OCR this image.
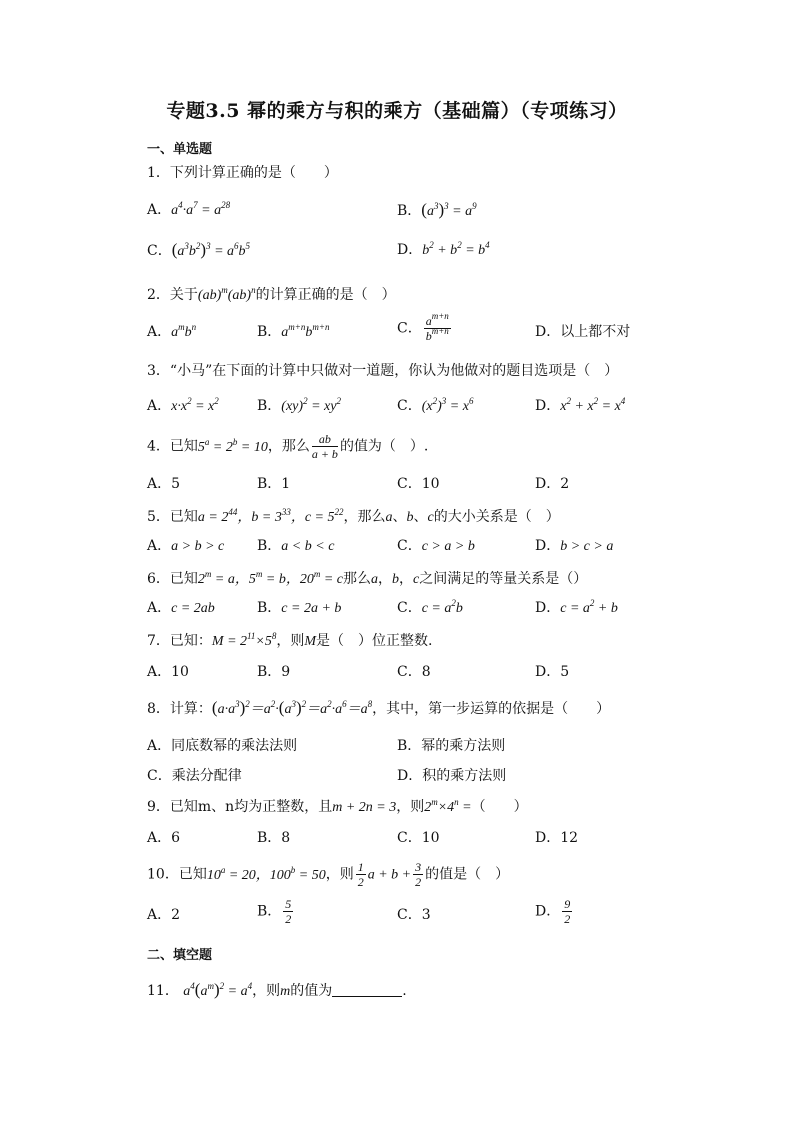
专题3.5 幂的乘方与积的乘方（基础篇）（专项练习）
一、单选题
1．下列计算正确的是（　　）
A．$a^4\cdot a^7 = a^{28}$	B．$(a^3)^3 = a^9$
C．$(a^3b^2)^3 = a^6b^5$	D．$b^2 + b^2 = b^4$
2．关于(ab)$^m$(ab)$^n$的计算正确的是（　）
A．$a^mb^n$	B．$a^{m+n}b^{m+n}$	C． $\frac{a^{m+n}}{b^{m+n}}$	D．以上都不对
3．“小马”在下面的计算中只做对一道题，你认为他做对的题目选项是（　）
A．$x\cdot x^2 = x^2$	B．$(xy)^2 = xy^2$	C．$(x^2)^3 = x^6$	D．$x^2 + x^2 = x^4$
4．已知$5^a = 2^b = 10$，那么 $\frac{ab}{a + b}$ 的值为（　）.
A．5	B．1	C．10	D．2
5．已知$a = 2^{44}$，$b = 3^{33}$，$c = 5^{22}$，那么a、b、c的大小关系是（　）
A．a > b > c B．a < b < c	C．c > a > b	D．b > c > a
6．已知$2^m = a$，$5^m = b$，$20^m = c$那么a，b，c之间满足的等量关系是（）
A．c = 2ab	B．c = 2a + b	C．$c = a^2b$	D．$c = a^2 + b$
7．已知：$M = 2^{11}\times 5^8$，则M是（　）位正整数.
A．10	B．9	C．8	D．5
8．计算：$(a\cdot a^3)^2=a^2\cdot(a^3)^2=a^2\cdot a^6=a^8$，其中，第一步运算的依据是（　　）
A．同底数幂的乘法法则	B．幂的乘方法则
C．乘法分配律	D．积的乘方法则
9．已知m、n均为正整数，且m + 2n = 3，则$2^m\times 4^n$ =（　　）
A．6	B．8	C．10	D．12
10．已知$10^a = 20$，$100^b = 50$，则 $\frac{1}{2}$ $a + b + \frac{3}{2}$ 的值是（　）
A．2	B． $\frac{5}{2}$	C．3	D． $\frac{9}{2}$
二、填空题
11． $a^4(a^m)^2 = a^4$，则m的值为	.
